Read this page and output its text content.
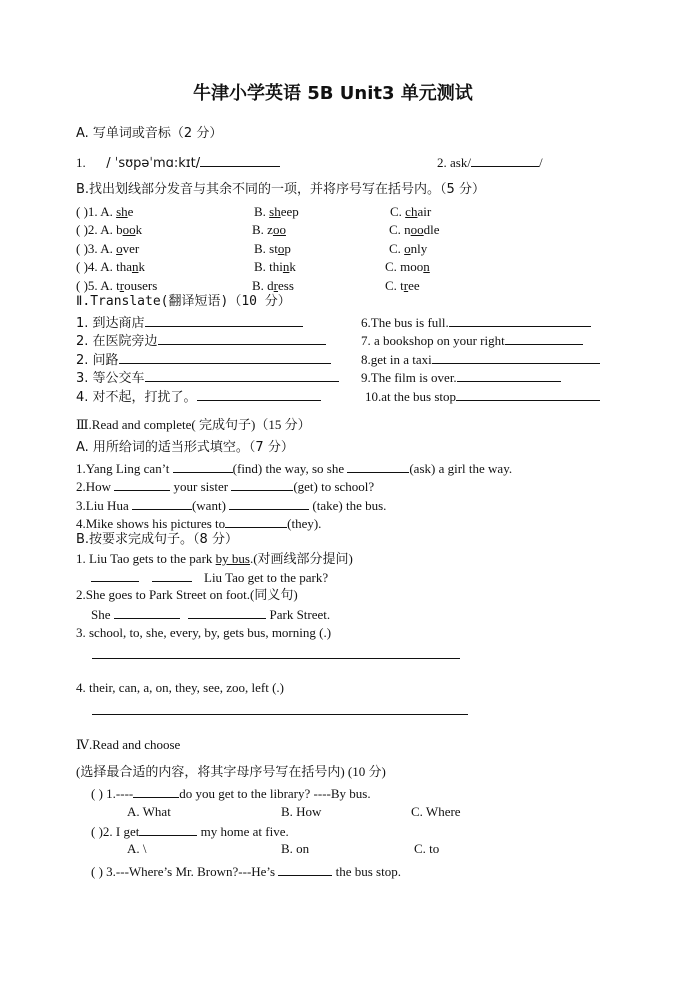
牛津小学英语 5B Unit3 单元测试
A. 写单词或音标（2 分）
1. / ˈsʊpəˈmɑ:kɪt/	2. ask/	/
B.找出划线部分发音与其余不同的一项，并将序号写在括号内。（5 分）
( )1. A. she	B. sheep	C. chair
( )2. A. book	B. zoo	C. noodle
( )3. A. over	B. stop	C. only
( )4. A. thank	B. think	C. moon
( )5. A. trousers	B. dress	C. tree
Ⅱ.Translate(翻译短语)（10 分）
1. 到达商店	6.The bus is full.
2. 在医院旁边	7. a bookshop on your right
2. 问路	8.get in a taxi
3. 等公交车	9.The film is over.
4. 对不起，打扰了。	10.at the bus stop
Ⅲ.Read and complete( 完成句子)（15 分）
A. 用所给词的适当形式填空。（7 分）
1.Yang Ling can’t	(find) the way, so she	(ask) a girl the way.
2.How	your sister	(get) to school?
3.Liu Hua	(want)	(take) the bus.
4.Mike shows his pictures to	(they).
B.按要求完成句子。（8 分）
1. Liu Tao gets to the park by bus.(对画线部分提问)
Liu Tao get to the park?
2.She goes to Park Street on foot.(同义句)
She	Park Street.
3. school, to, she, every, by, gets bus, morning (.)
4. their, can, a, on, they, see, zoo, left (.)
Ⅳ.Read and choose
(选择最合适的内容，将其字母序号写在括号内) (10 分)
( ) 1.----	do you get to the library? ----By bus.
A. What	B. How	C. Where
( )2. I get	my home at five.
A. \	B. on	C. to
( ) 3.---Where’s Mr. Brown?---He’s	the bus stop.
